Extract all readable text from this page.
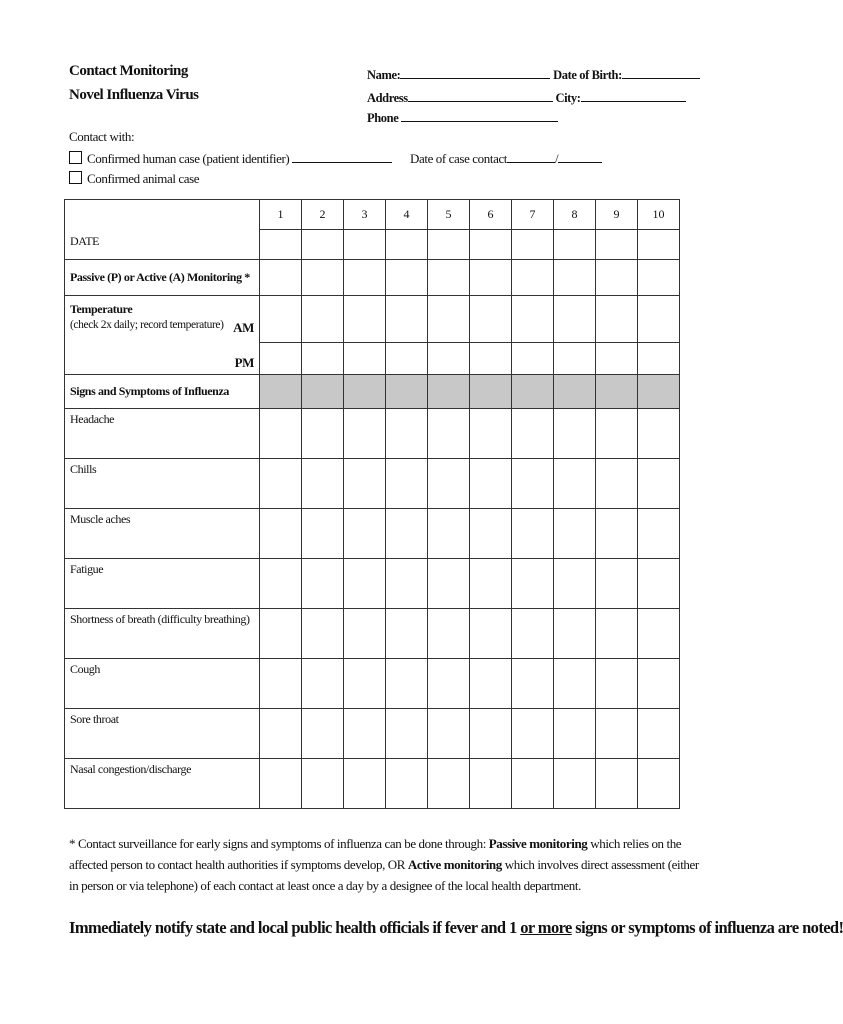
Contact Monitoring
Novel Influenza Virus
Name:	Date of Birth:
Address	City:
Phone
Contact with:
Confirmed human case (patient identifier)
Confirmed animal case
Date of case contact	/
DATE	1	2	3	4	5	6	7	8	9	10

Passive (P) or Active (A) Monitoring *										

Temperature
(check 2x daily; record temperature) AM										

PM										

Signs and Symptoms of Influenza										

Headache										

Chills										

Muscle aches										

Fatigue										

Shortness of breath (difficulty breathing)										

Cough										

Sore throat										

Nasal congestion/discharge										

* Contact surveillance for early signs and symptoms of influenza can be done through: Passive monitoring which relies on the affected person to contact health authorities if symptoms develop, OR Active monitoring which involves direct assessment (either in person or via telephone) of each contact at least once a day by a designee of the local health department.
Immediately notify state and local public health officials if fever and 1 or more signs or symptoms of influenza are noted!
